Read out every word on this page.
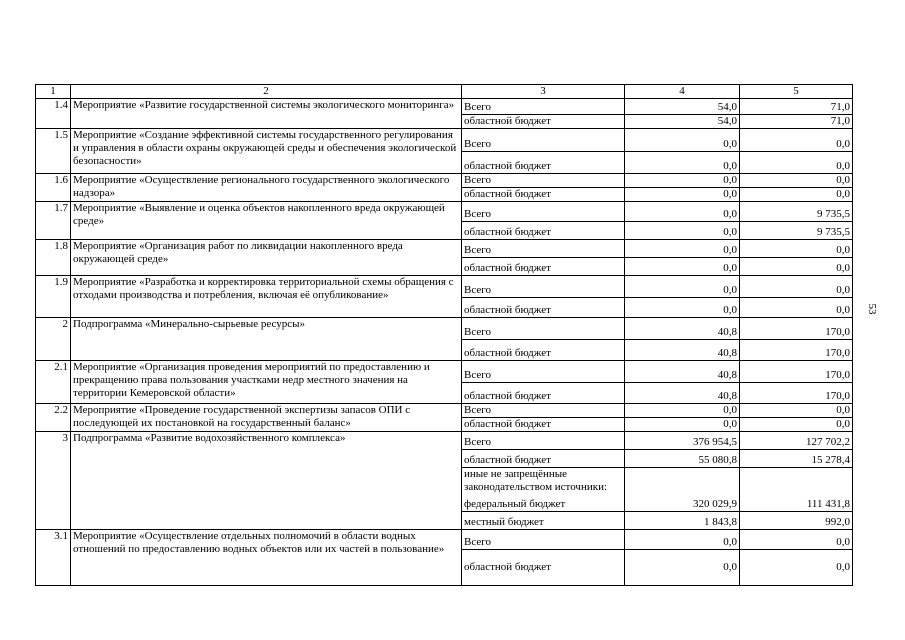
53
1	2	3	4	5
1.4	Мероприятие «Развитие государственной системы экологического мониторинга»	Всего	54,0	71,0
		областной бюджет	54,0	71,0
1.5	Мероприятие «Создание эффективной системы государственного регулирования и управления в области охраны окружающей среды и обеспечения экологической безопасности»	Всего	0,0	0,0
		областной бюджет	0,0	0,0
1.6	Мероприятие «Осуществление регионального государственного экологического надзора»	Всего	0,0	0,0
		областной бюджет	0,0	0,0
1.7	Мероприятие «Выявление и оценка объектов накопленного вреда окружающей среде»	Всего	0,0	9 735,5
		областной бюджет	0,0	9 735,5
1.8	Мероприятие «Организация работ по ликвидации накопленного вреда окружающей среде»	Всего	0,0	0,0
		областной бюджет	0,0	0,0
1.9	Мероприятие «Разработка и корректировка территориальной схемы обращения с отходами производства и потребления, включая её опубликование»	Всего	0,0	0,0
		областной бюджет	0,0	0,0
2	Подпрограмма «Минерально-сырьевые ресурсы»	Всего	40,8	170,0
		областной бюджет	40,8	170,0
2.1	Мероприятие «Организация проведения мероприятий по предоставлению и прекращению права пользования участками недр местного значения на территории Кемеровской области»	Всего	40,8	170,0
		областной бюджет	40,8	170,0
2.2	Мероприятие «Проведение государственной экспертизы запасов ОПИ с последующей их постановкой на государственный баланс»	Всего	0,0	0,0
		областной бюджет	0,0	0,0
3	Подпрограмма «Развитие водохозяйственного комплекса»	Всего	376 954,5	127 702,2
		областной бюджет	55 080,8	15 278,4
		иные не запрещённые законодательством источники:		
		федеральный бюджет	320 029,9	111 431,8
		местный бюджет	1 843,8	992,0
3.1	Мероприятие «Осуществление отдельных полномочий в области водных отношений по предоставлению водных объектов или их частей в пользование»	Всего	0,0	0,0
		областной бюджет	0,0	0,0
